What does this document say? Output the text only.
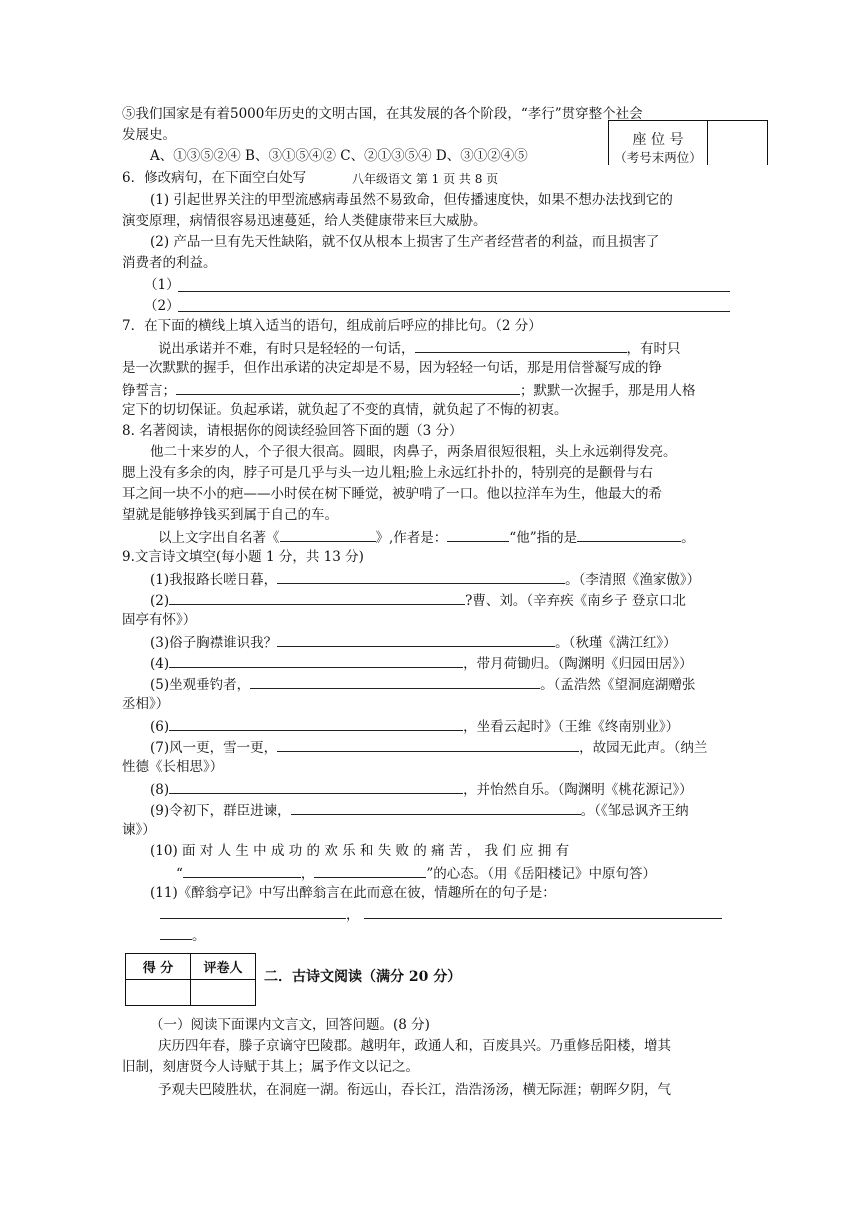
⑤我们国家是有着5000年历史的文明古国，在其发展的各个阶段，“孝行”贯穿整个社会
发展史。
A、①③⑤②④ B、③①⑤④② C、②①③⑤④ D、③①②④⑤
座 位 号
（考号末两位）
6．修改病句，在下面空白处写	八年级语文 第 1 页 共 8 页
(1) 引起世界关注的甲型流感病毒虽然不易致命，但传播速度快，如果不想办法找到它的
演变原理，病情很容易迅速蔓延，给人类健康带来巨大威胁。
(2) 产品一旦有先天性缺陷，就不仅从根本上损害了生产者经营者的利益，而且损害了
消费者的利益。
（1）
（2）
7．在下面的横线上填入适当的语句，组成前后呼应的排比句。（2 分）
说出承诺并不难，有时只是轻轻的一句话，	，有时只
是一次默默的握手，但作出承诺的决定却是不易，因为轻轻一句话，那是用信誉凝写成的铮
铮誓言；	；默默一次握手，那是用人格
定下的切切保证。负起承诺，就负起了不变的真情，就负起了不悔的初衷。
8. 名著阅读，请根据你的阅读经验回答下面的题（3 分）
他二十来岁的人，个子很大很高。圆眼，肉鼻子，两条眉很短很粗，头上永远剃得发亮。
腮上没有多余的肉，脖子可是几乎与头一边儿粗;脸上永远红扑扑的，特别亮的是颧骨与右
耳之间一块不小的疤——小时侯在树下睡觉，被驴啃了一口。他以拉洋车为生，他最大的希
望就是能够挣钱买到属于自己的车。
以上文字出自名著《	》,作者是：	“他”指的是	。
9.文言诗文填空(每小题 1 分，共 13 分)
(1)我报路长嗟日暮，	。（李清照《渔家傲》）
(2)	?曹、刘。（辛弃疾《南乡子 登京口北
固亭有怀》）
(3)俗子胸襟谁识我？	。（秋瑾《满江红》）
(4)	，带月荷锄归。（陶渊明《归园田居》）
(5)坐观垂钓者，	。（孟浩然《望洞庭湖赠张
丞相》）
(6)	，坐看云起时》（王维《终南别业》）
(7)风一更，雪一更，	，故园无此声。（纳兰
性德《长相思》）
(8)	，并怡然自乐。（陶渊明《桃花源记》）
(9)令初下，群臣进谏，	。（《邹忌讽齐王纳
谏》）
(10) 面 对 人 生 中 成 功 的 欢 乐 和 失 败 的 痛 苦 ， 我 们 应 拥 有
“	，	”的心态。（用《岳阳楼记》中原句答）
(11)《醉翁亭记》中写出醉翁言在此而意在彼，情趣所在的句子是：
，
。
得 分	评卷人

二．古诗文阅读（满分 20 分）
（一）阅读下面课内文言文，回答问题。(8 分)
庆历四年春，滕子京谪守巴陵郡。越明年，政通人和，百废具兴。乃重修岳阳楼，增其
旧制，刻唐贤今人诗赋于其上；属予作文以记之。
予观夫巴陵胜状，在洞庭一湖。衔远山，吞长江，浩浩汤汤，横无际涯；朝晖夕阴，气
